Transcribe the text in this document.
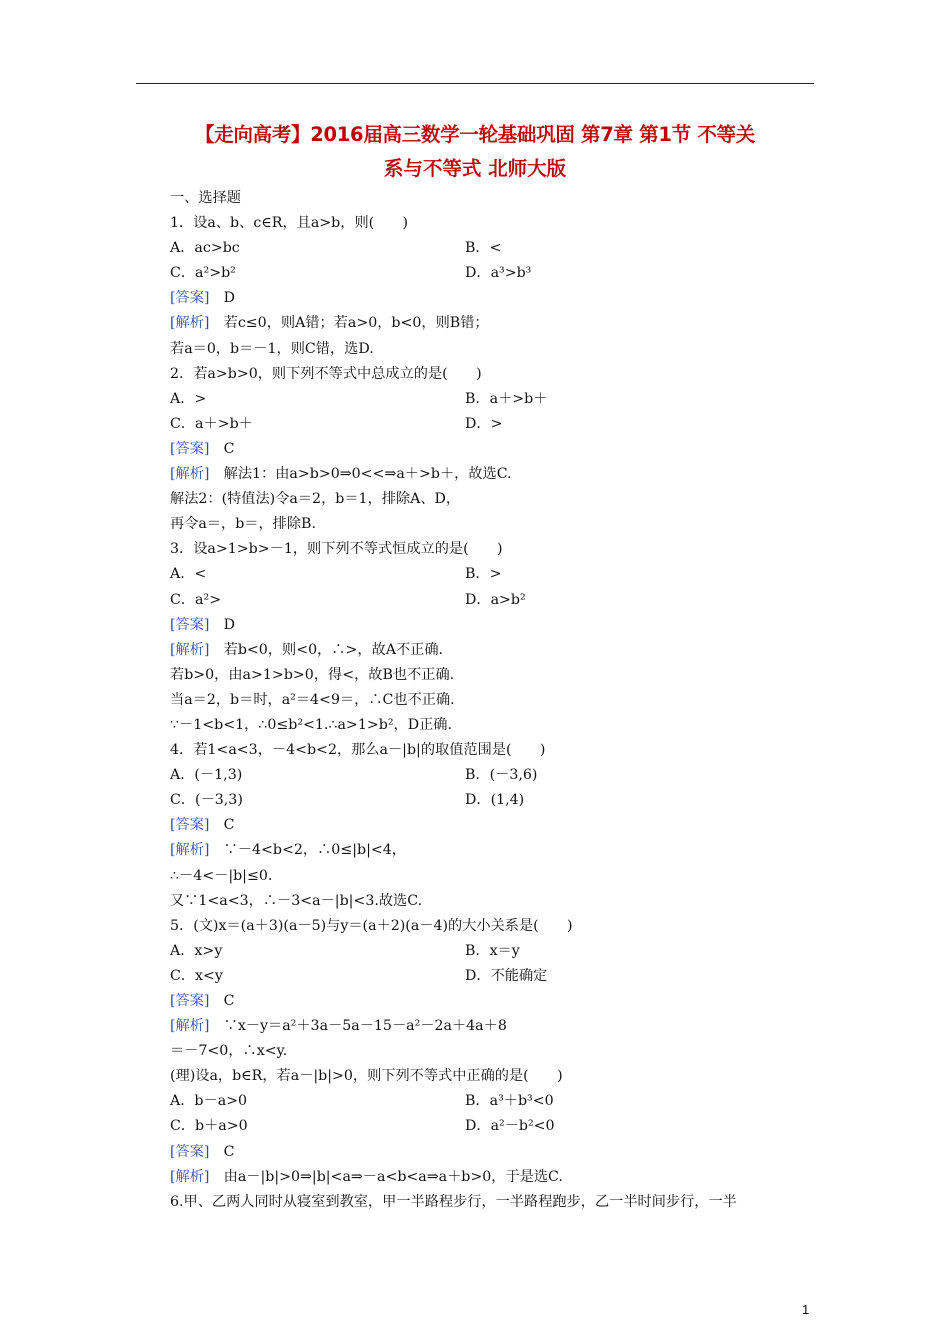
【走向高考】2016届高三数学一轮基础巩固 第7章 第1节 不等关
系与不等式 北师大版
一、选择题
1．设a、b、c∈R，且a>b，则(　　)
A．ac>bc	B．<
C．a²>b²	D．a³>b³
[答案]　D
[解析]　若c≤0，则A错；若a>0，b<0，则B错；
若a＝0，b＝－1，则C错，选D.
2．若a>b>0，则下列不等式中总成立的是(　　)
A．>	B．a＋>b＋
C．a＋>b＋	D．>
[答案]　C
[解析]　解法1：由a>b>0⇒0<<⇒a＋>b＋，故选C.
解法2：(特值法)令a＝2，b＝1，排除A、D，
再令a＝，b＝，排除B.
3．设a>1>b>－1，则下列不等式恒成立的是(　　)
A．<	B．>
C．a²>	D．a>b²
[答案]　D
[解析]　若b<0，则<0，∴>，故A不正确.
若b>0，由a>1>b>0，得<，故B也不正确.
当a＝2，b＝时，a²＝4<9＝，∴C也不正确.
∵－1<b<1，∴0≤b²<1.∴a>1>b²，D正确.
4．若1<a<3，－4<b<2，那么a－|b|的取值范围是(　　)
A．(－1,3)	B．(－3,6)
C．(－3,3)	D．(1,4)
[答案]　C
[解析]　∵－4<b<2，∴0≤|b|<4，
∴－4<－|b|≤0.
又∵1<a<3，∴－3<a－|b|<3.故选C.
5．(文)x＝(a＋3)(a－5)与y＝(a＋2)(a－4)的大小关系是(　　)
A．x>y	B．x＝y
C．x<y	D．不能确定
[答案]　C
[解析]　∵x－y＝a²＋3a－5a－15－a²－2a＋4a＋8
＝－7<0，∴x<y.
(理)设a，b∈R，若a－|b|>0，则下列不等式中正确的是(　　)
A．b－a>0	B．a³＋b³<0
C．b＋a>0	D．a²－b²<0
[答案]　C
[解析]　由a－|b|>0⇒|b|<a⇒－a<b<a⇒a＋b>0，于是选C.
6.甲、乙两人同时从寝室到教室，甲一半路程步行，一半路程跑步，乙一半时间步行，一半
1
